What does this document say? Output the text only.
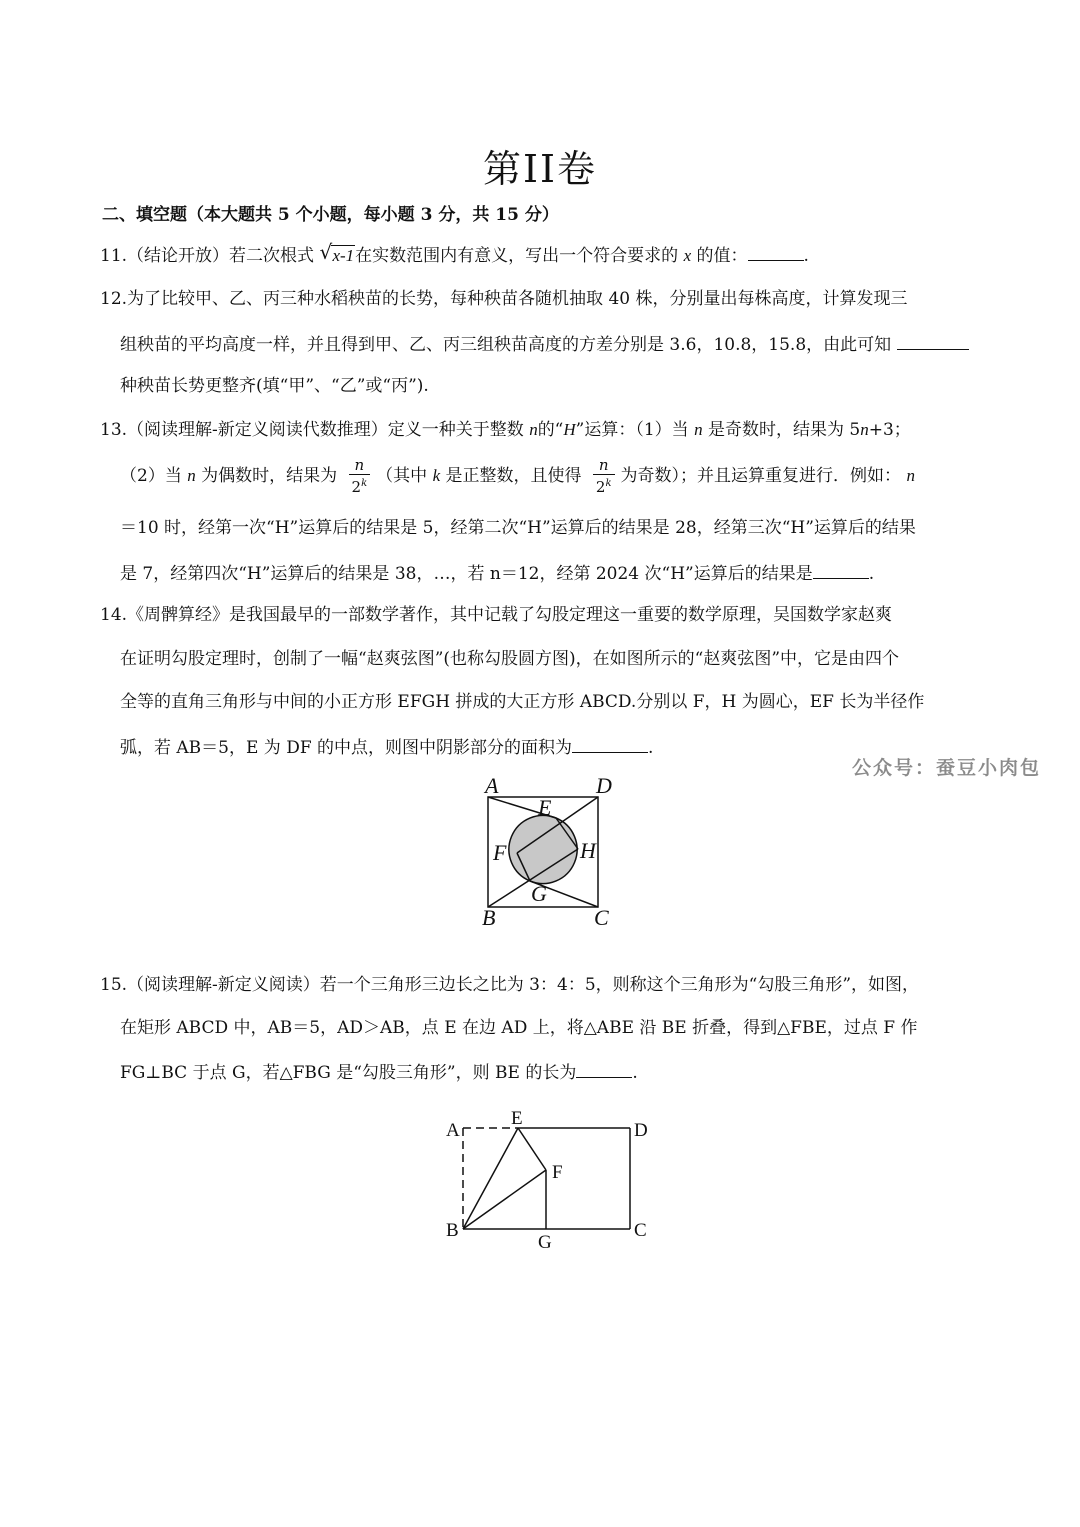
第II卷
二、填空题（本大题共 5 个小题，每小题 3 分，共 15 分）
11.（结论开放）若二次根式 √ x-1在实数范围内有意义，写出一个符合要求的 x 的值：	.
12.为了比较甲、乙、丙三种水稻秧苗的长势，每种秧苗各随机抽取 40 株，分别量出每株高度，计算发现三
组秧苗的平均高度一样，并且得到甲、乙、丙三组秧苗高度的方差分别是 3.6，10.8，15.8，由此可知
种秧苗长势更整齐(填“甲”、“乙”或“丙”).
13.（阅读理解-新定义阅读代数推理）定义一种关于整数 n的“H”运算：（1）当 n 是奇数时，结果为 5n+3；
（2）当 n 为偶数时，结果为 $\frac{n}{2^k}$ （其中 k 是正整数，且使得 $\frac{n}{2^k}$ 为奇数）；并且运算重复进行．例如： n
＝10 时，经第一次“H”运算后的结果是 5，经第二次“H”运算后的结果是 28，经第三次“H”运算后的结果
是 7，经第四次“H”运算后的结果是 38，…，若 n＝12，经第 2024 次“H”运算后的结果是	.
14.《周髀算经》是我国最早的一部数学著作，其中记载了勾股定理这一重要的数学原理，吴国数学家赵爽
在证明勾股定理时，创制了一幅“赵爽弦图”(也称勾股圆方图)，在如图所示的“赵爽弦图”中，它是由四个
全等的直角三角形与中间的小正方形 EFGH 拼成的大正方形 ABCD.分别以 F，H 为圆心，EF 长为半径作
弧，若 AB＝5，E 为 DF 的中点，则图中阴影部分的面积为	.
公众号：蚕豆小肉包
A	D
E
F	H
G
B	C
15.（阅读理解-新定义阅读）若一个三角形三边长之比为 3：4：5，则称这个三角形为“勾股三角形”，如图，
在矩形 ABCD 中，AB＝5，AD＞AB，点 E 在边 AD 上，将△ABE 沿 BE 折叠，得到△FBE，过点 F 作
FG⊥BC 于点 G，若△FBG 是“勾股三角形”，则 BE 的长为	.
A
E
D
F
B
G
C
